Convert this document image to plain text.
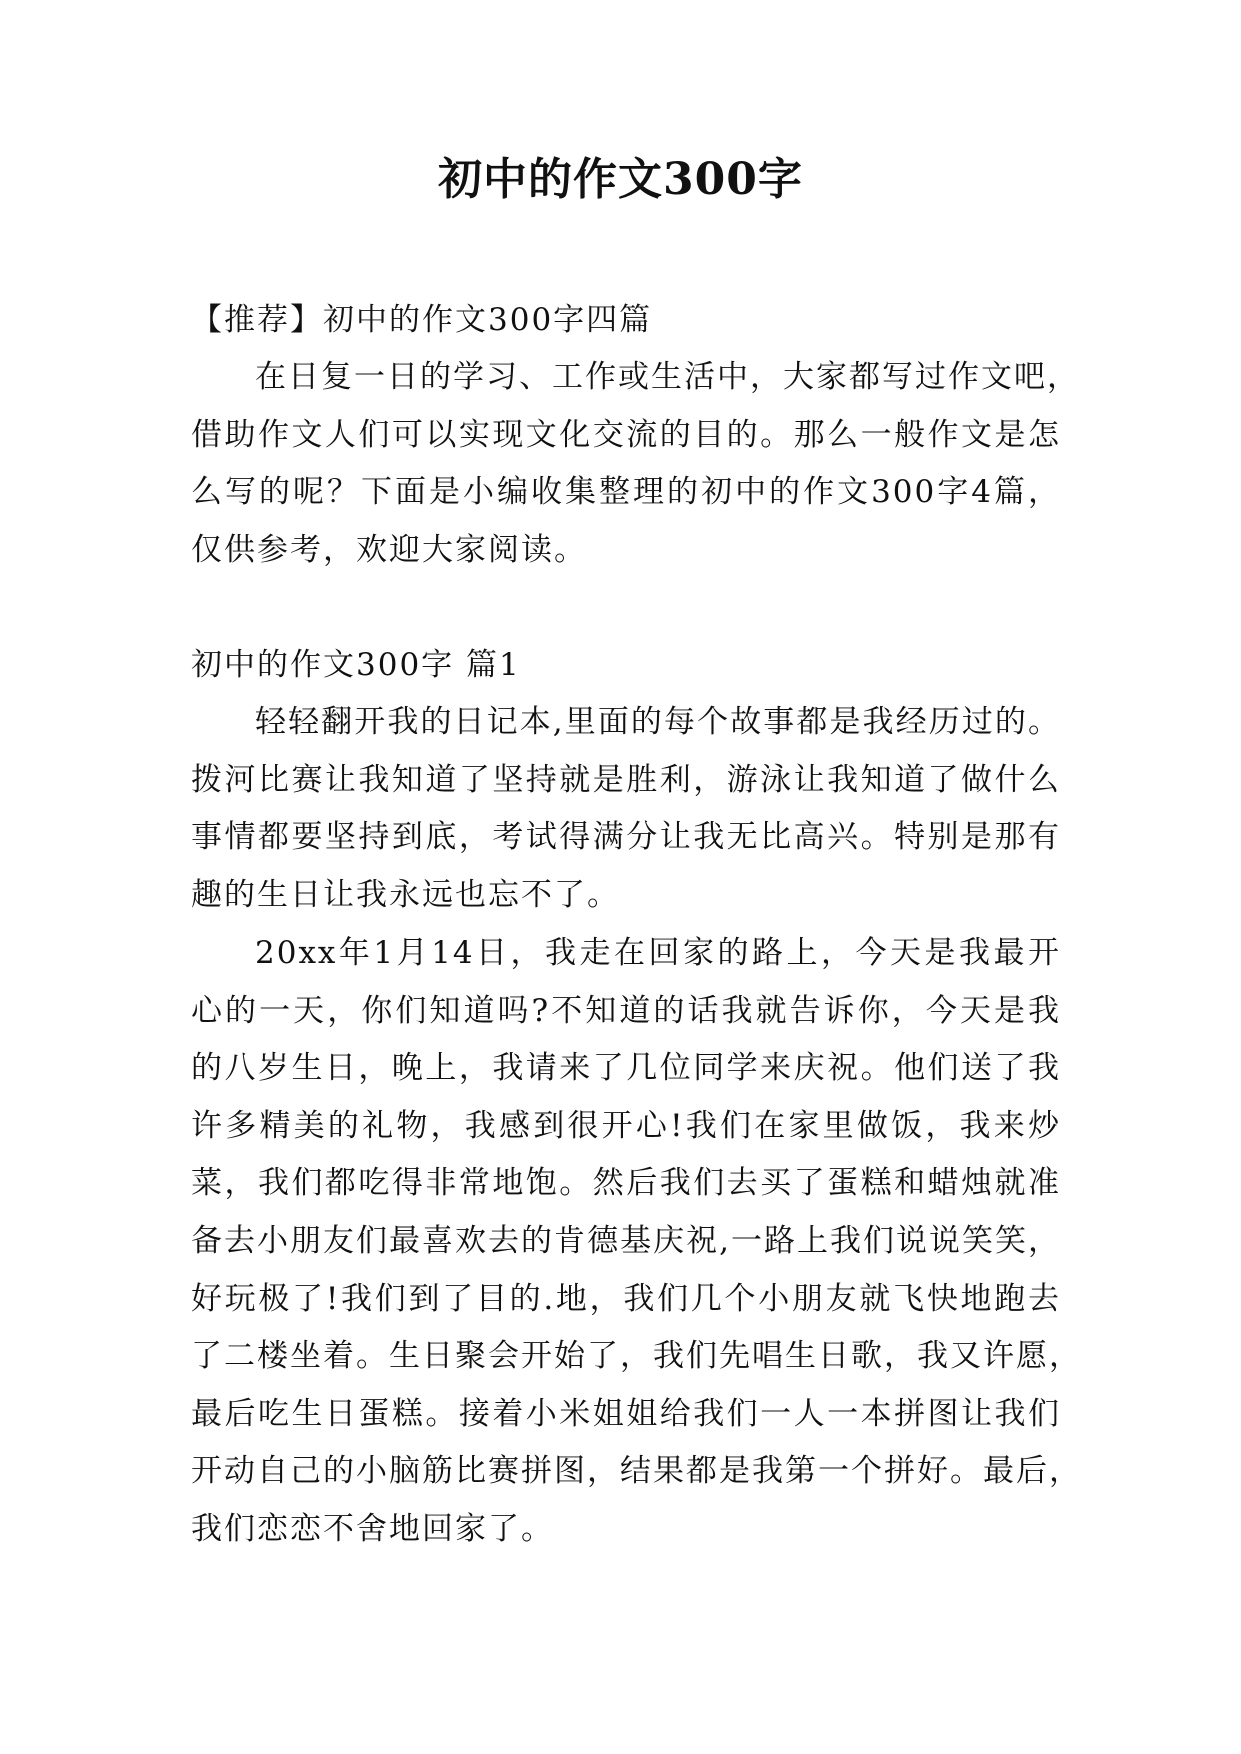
初中的作文300字
【推荐】初中的作文300字四篇
在日复一日的学习、工作或生活中，大家都写过作文吧，
借助作文人们可以实现文化交流的目的。那么一般作文是怎
么写的呢？下面是小编收集整理的初中的作文300字4篇，
仅供参考，欢迎大家阅读。
初中的作文300字 篇1
轻轻翻开我的日记本,里面的每个故事都是我经历过的。
拨河比赛让我知道了坚持就是胜利，游泳让我知道了做什么
事情都要坚持到底，考试得满分让我无比高兴。特别是那有
趣的生日让我永远也忘不了。
20xx年1月14日，我走在回家的路上，今天是我最开
心的一天，你们知道吗?不知道的话我就告诉你，今天是我
的八岁生日，晚上，我请来了几位同学来庆祝。他们送了我
许多精美的礼物，我感到很开心!我们在家里做饭，我来炒
菜，我们都吃得非常地饱。然后我们去买了蛋糕和蜡烛就准
备去小朋友们最喜欢去的肯德基庆祝,一路上我们说说笑笑，
好玩极了!我们到了目的.地，我们几个小朋友就飞快地跑去
了二楼坐着。生日聚会开始了，我们先唱生日歌，我又许愿，
最后吃生日蛋糕。接着小米姐姐给我们一人一本拼图让我们
开动自己的小脑筋比赛拼图，结果都是我第一个拼好。最后，
我们恋恋不舍地回家了。
